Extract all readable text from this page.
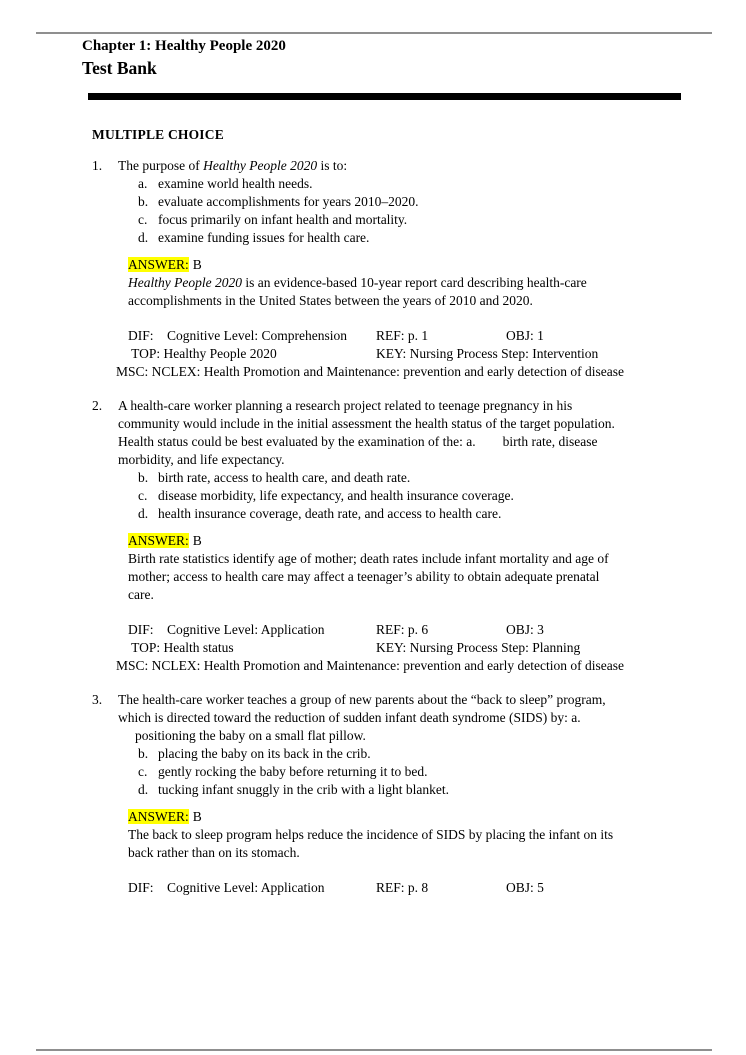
Chapter 1: Healthy People 2020
Test Bank
MULTIPLE CHOICE
1.	The purpose of Healthy People 2020 is to:
a. examine world health needs.
b. evaluate accomplishments for years 2010–2020.
c. focus primarily on infant health and mortality.
d. examine funding issues for health care.
ANSWER: B
Healthy People 2020 is an evidence-based 10-year report card describing health-care
accomplishments in the United States between the years of 2010 and 2020.
DIF:    Cognitive Level: Comprehension REF: p. 1	OBJ: 1
TOP: Healthy People 2020	KEY: Nursing Process Step: Intervention
MSC: NCLEX: Health Promotion and Maintenance: prevention and early detection of disease
2.	A health-care worker planning a research project related to teenage pregnancy in his
community would include in the initial assessment the health status of the target population.
Health status could be best evaluated by the examination of the: a.        birth rate, disease
morbidity, and life expectancy.
b. birth rate, access to health care, and death rate.
c. disease morbidity, life expectancy, and health insurance coverage.
d. health insurance coverage, death rate, and access to health care.
ANSWER: B
Birth rate statistics identify age of mother; death rates include infant mortality and age of
mother; access to health care may affect a teenager’s ability to obtain adequate prenatal
care.
DIF:    Cognitive Level: Application	REF: p. 6	OBJ: 3
TOP: Health status	KEY: Nursing Process Step: Planning
MSC: NCLEX: Health Promotion and Maintenance: prevention and early detection of disease
3.	The health-care worker teaches a group of new parents about the “back to sleep” program,
which is directed toward the reduction of sudden infant death syndrome (SIDS) by: a.
positioning the baby on a small flat pillow.
b. placing the baby on its back in the crib.
c. gently rocking the baby before returning it to bed.
d. tucking infant snuggly in the crib with a light blanket.
ANSWER: B
The back to sleep program helps reduce the incidence of SIDS by placing the infant on its
back rather than on its stomach.
DIF:    Cognitive Level: Application	REF: p. 8	OBJ: 5
